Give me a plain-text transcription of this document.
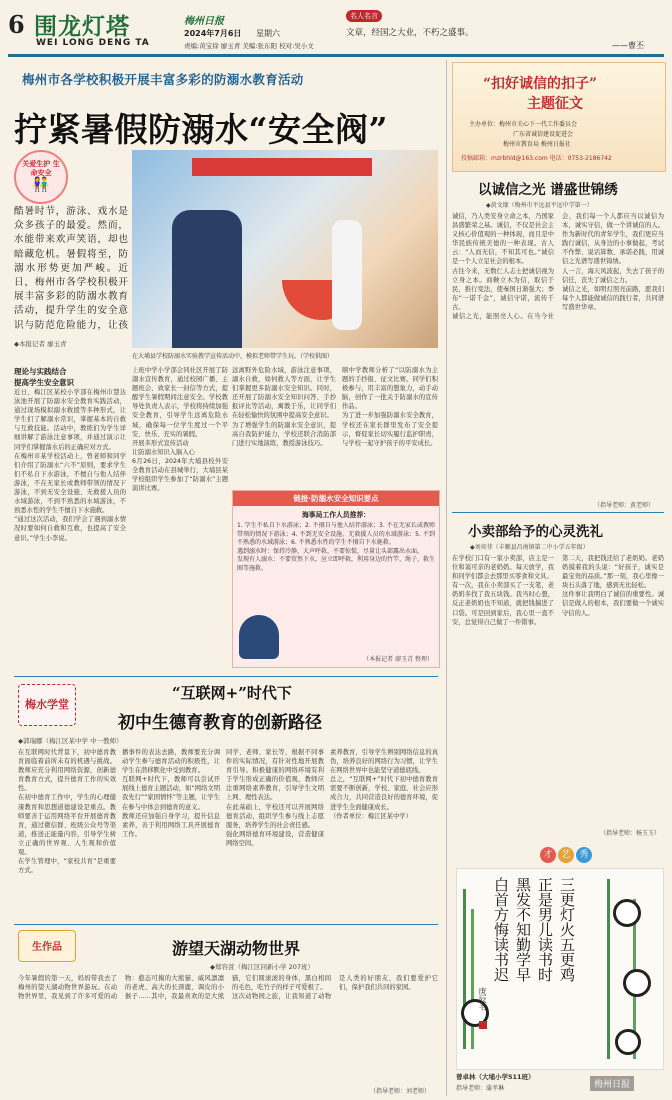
6 围龙灯塔
WEI LONG DENG TA
梅州日报
2024年7月6日 星期六
责编:黄宝徐 廖玉青 美编:张东阳 校对:吴小文
名人名言
文章，经国之大业，不朽之盛事。
——曹丕
梅州市各学校积极开展丰富多彩的防溺水教育活动
拧紧暑假防溺水“安全阀”
关爱生护 生命安全
👫
酷暑时节，游泳、戏水是众多孩子的最爱。然而，水能带来欢声笑语，却也暗藏危机。暑假将至，防溺水形势更加严峻。近日，梅州市各学校积极开展丰富多彩的防溺水教育活动，提升学生的安全意识与防范危险能力，让孩
◆本报记者 廖玉青
在大埔县学校防溺水实验教学宣传活动中，模拟老师带学生玩。（学校供图）
理论与实践结合
提高学生安全意识
近日，梅江区某校小学部在梅州市慧达泳池开展了防溺水安全教育实践活动，通过现场模拟溺水救援等多种形式，让学生们了解溺水常识，掌握基本的自救与互救技能。活动中，教练们为学生详细讲解了游泳注意事项，并通过演示让同学们掌握落水后的正确应对方式。
在梅州市某学校活动上，曾老师和同学们介绍了防溺水“六不”原则，要求学生们不私自下水游泳，不擅自与他人结伴游泳，不在无家长或教师带领的情况下游泳，不到无安全设施、无救援人员的水域游泳，不到不熟悉的水域游泳，不熟悉水性的学生不擅自下水施救。
“通过这次活动，我们学会了遇到溺水情况时要如何自救和互救，也提高了安全意识。”学生小李说。
上班中学小学部会同社区开展了防溺水宣传教育，通过校园广播、主题班会、致家长一封信等方式，提醒学生暑假期间注意安全。学校教导处负责人表示，学校将持续加强安全教育，引导学生远离危险水域，确保每一位学生度过一个平安、快乐、充实的暑假。
开展多形式宣传活动
让防溺水知识入脑入心
6月26日，2024年大埔县校外安全教育活动在县城举行，大埔县某学校组织学生参加了“防溺水”主题演讲比赛。
远离野外危险水域，游泳注意事项，溺水自救，如何救人等方面，让学生们掌握更多防溺水安全知识。同时，还开展了防溺水安全知识问答、手抄报评比等活动，寓教于乐，让同学们在轻松愉快的氛围中提高安全意识。
为了增强学生的防溺水安全意识，提高自我防护能力，学校还联合消防部门进行实地演练，教授游泳技巧。
顺中学教师分析了“以防溺水为主题的手抄报、征文比赛。同学们积极参与，用丰富的想象力，动手动脑，创作了一批关于防溺水的宣传作品。
为了进一步加强防溺水安全教育，学校还在家长群里发布了安全提示，督促家长切实履行监护职责，与学校一起守护孩子的平安成长。
链接·防溺水安全知识要点
海事局工作人员推荐：
1. 学生不私自下水游泳；2. 不擅自与他人结伴游泳；3. 不在无家长或教师带领的情况下游泳；4. 不到无安全设施、无救援人员的水域游泳；5. 不到不熟悉的水域游泳；6. 不熟悉水性的学生不擅自下水施救。
遇到溺水时：保持冷静，大声呼救，不要惊慌，尽量让头部露出水面。
发现有人溺水：不要贸然下水，应立即呼救，利用身边的竹竿、绳子、救生圈等施救。
（本报记者 廖玉青 整理）
梅水学堂
“互联网+”时代下
初中生德育教育的创新路径
◆郭瑞娜（梅江区某中学 中一教师）
在互联网时代背景下，初中德育教育面临着前所未有的机遇与挑战。教师应充分利用网络资源，创新德育教育方式，提升德育工作的实效性。
在初中德育工作中，学生的心理健康教育和思想道德建设是重点。教师要善于运用网络平台开展德育教育，通过微信群、班级公众号等渠道，推送正能量内容，引导学生树立正确的世界观、人生观和价值观。
在学生管理中，“家校共育”是重要方式。
播事件的表达去路，教师要充分调动学生参与德育活动的积极性，让学生在潜移默化中受到教育。
互联网+时代下，教师可以尝试开展线上德育主题活动，如“网络文明我先行”“家国情怀”等主题，让学生在参与中体会到德育的意义。
教师还应加强自身学习，提升信息素养，善于利用网络工具开展德育工作。
同学、老师、家长等，根据不同事件的实际情况，有针对性地开展教育引导。积极健康的网络环境有利于学生形成正确的价值观，教师应注重网络素养教育，引导学生文明上网、理性表达。
在此基础上，学校还可以开展网络德育活动，组织学生参与线上志愿服务，培养学生的社会责任感。
强化网络德育环境建设，营造健康网络空间。
素养教育，引导学生辨别网络信息的真伪，培养良好的网络行为习惯，让学生在网络世界中也能坚守道德底线。
总之，“互联网+”时代下初中德育教育需要不断创新，学校、家庭、社会应形成合力，共同营造良好的德育环境，促进学生全面健康成长。
（作者单位：梅江区某中学）
生作品	游望天湖动物世界
◆郑容萱（梅江区同新小学 207班）
今年暑假的第一天，妈妈带我去了梅州的望天湖动物世界游玩。在动物世界里，我见到了许多可爱的动物：憨态可掬的大熊猫、威风凛凛的老虎、高大的长颈鹿、调皮的小猴子……其中，我最喜欢的是大熊猫，它们圆滚滚的身体，黑白相间的毛色，吃竹子的样子可爱极了。
这次动物园之旅，让我知道了动物是人类的好朋友，我们要爱护它们，保护我们共同的家园。
（指导老师：刘老师）
“扣好诚信的扣子”
主题征文
主办单位：梅州市关心下一代工作委员会
广东省诚信建设促进会
梅州市教育局 梅州日报社
投稿邮箱：mzrbhld@163.com 电话：0753-2186742
以诚信之光 谱盛世锦绣
◆黄文缘（梅州市平远县平远中学第一）
诚信，乃人类安身立命之本，乃国家昌盛繁荣之基。诚信，不仅是社会主义核心价值观的一种体现，而且是中华民族传统美德的一种表现。古人云：“人而无信，不知其可也。”诚信是一个人立足社会的根本。
古往今来，无数仁人志士把诚信视为立身之本。商鞅立木为信，取信于民，推行变法，使秦国日渐强大；季布“一诺千金”，诚信守诺，流传千古。
诚信之光，能照亮人心。在当今社会，我们每一个人都应当以诚信为本，诚实守信，做一个讲诚信的人。作为新时代的青年学生，我们更应当践行诚信，从身边的小事做起，考试不作弊、说话算数、承诺必践，用诚信之光谱写盛世锦绣。
人一言，海天风波起，失去了孩子的信任，丧失了诚信之力。
诚信之光，如明灯照亮前路，愿我们每个人都能做诚信的践行者，共同谱写盛世华章。
（指导老师：黄老师）
小卖部给予的心灵洗礼
◆刘奕菲（丰顺县昌南镇第二中小学五年级）
在学校门口有一家小卖部，店主是一位和蔼可亲的老奶奶。每天放学，我和同学们都会去那里买零食和文具。
有一次，我在小卖部买了一支笔，老奶奶多找了我五块钱。我当时心想，反正老奶奶也不知道，就把钱揣进了口袋。可是回到家后，我心里一直不安，总觉得自己做了一件错事。
第二天，我把钱还给了老奶奶。老奶奶摸着我的头说：“好孩子，诚实是最宝贵的品质。”那一刻，我心里像一块石头落了地，感到无比轻松。
这件事让我明白了诚信的重要性。诚信是做人的根本，我们要做一个诚实守信的人。
（指导老师：杨玉玉）
才 艺 秀
白首方悔读书迟 黑发不知勤学早 正是男儿读书时 三更灯火五更鸡
庚辰书
曾卓林（大埔小学511班）
指导老师：蒲孝琳	梅州日报
